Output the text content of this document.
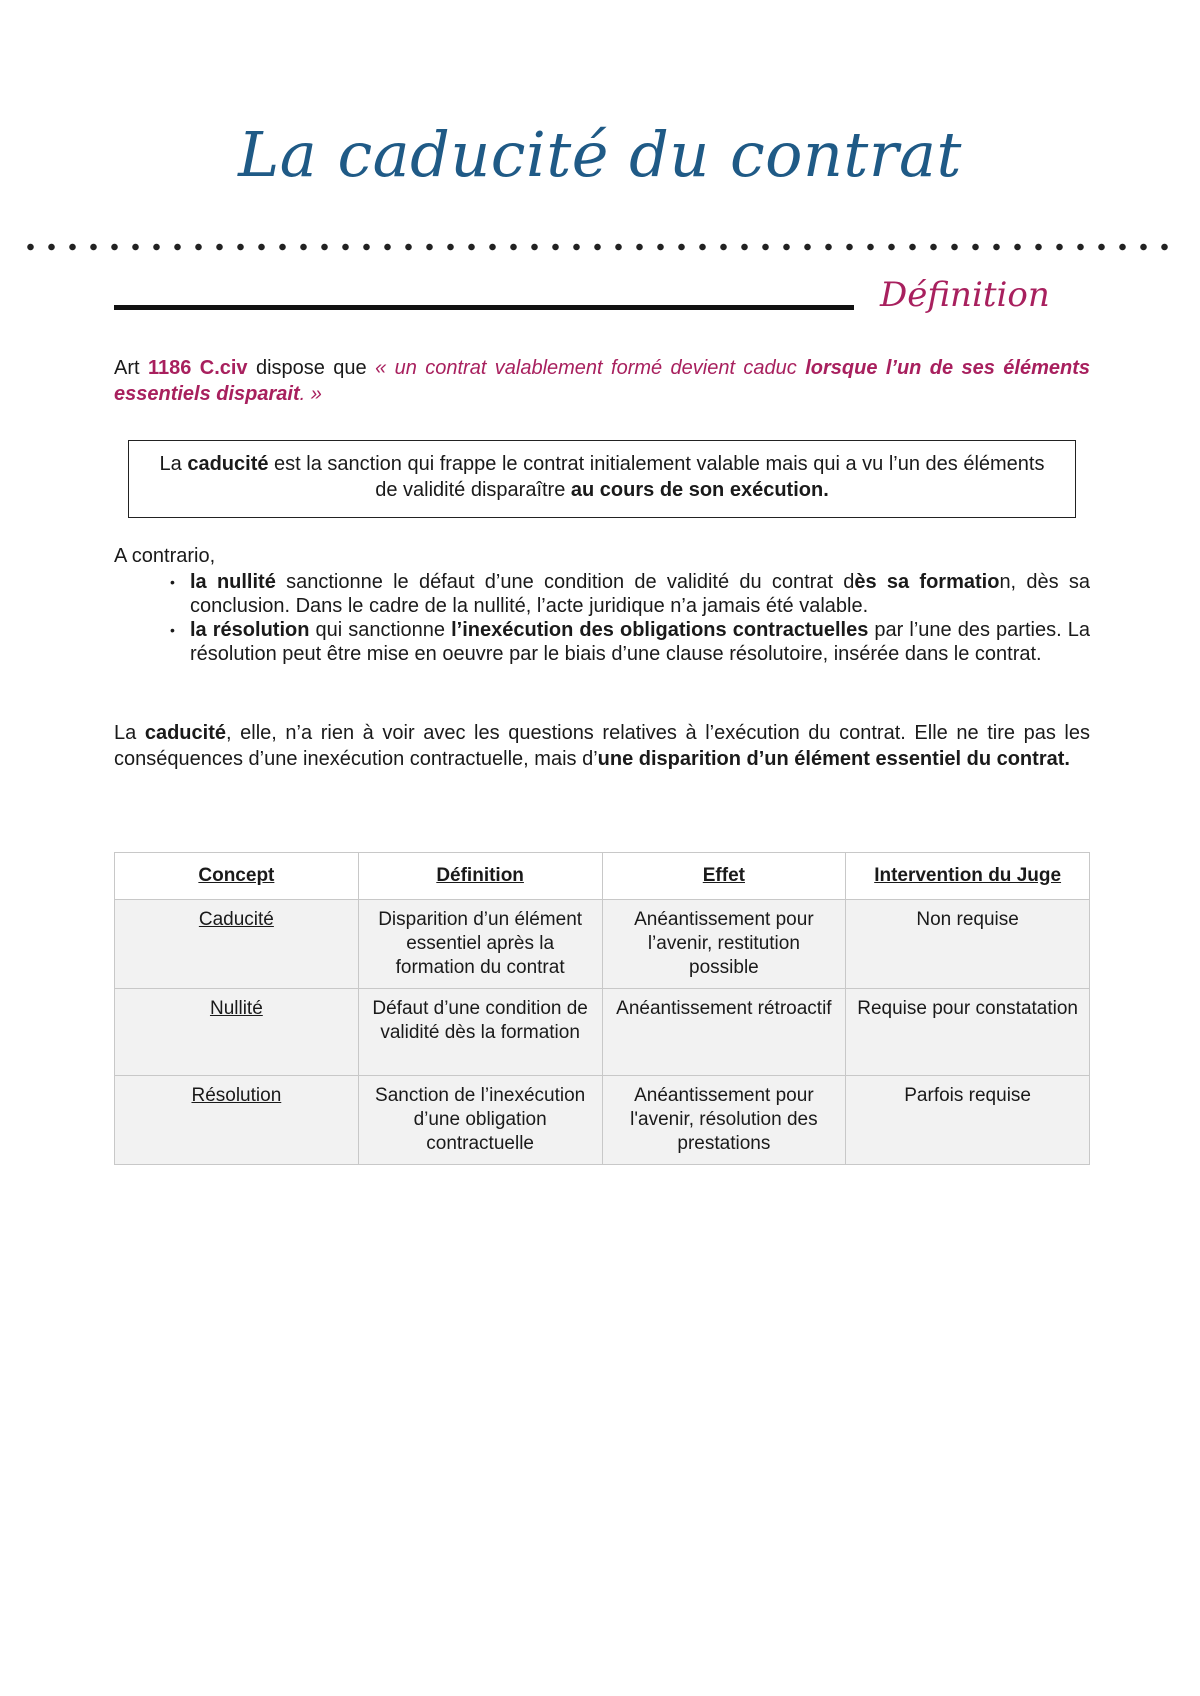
La caducité du contrat
Définition
Art 1186 C.civ dispose que « un contrat valablement formé devient caduc lorsque l’un de ses éléments essentiels disparait. »
La caducité est la sanction qui frappe le contrat initialement valable mais qui a vu l’un des éléments de validité disparaître au cours de son exécution.
A contrario,
• la nullité sanctionne le défaut d’une condition de validité du contrat dès sa formation, dès sa conclusion. Dans le cadre de la nullité, l’acte juridique n’a jamais été valable.
• la résolution qui sanctionne l’inexécution des obligations contractuelles par l’une des parties. La résolution peut être mise en oeuvre par le biais d’une clause résolutoire, insérée dans le contrat.
La caducité, elle, n’a rien à voir avec les questions relatives à l’exécution du contrat. Elle ne tire pas les conséquences d’une inexécution contractuelle, mais d’une disparition d’un élément essentiel du contrat.
Concept	Définition	Effet	Intervention du Juge
Caducité	Disparition d’un élément essentiel après la formation du contrat	Anéantissement pour l’avenir, restitution possible	Non requise
Nullité	Défaut d’une condition de validité dès la formation	Anéantissement rétroactif	Requise pour constatation
Résolution	Sanction de l’inexécution d’une obligation contractuelle	Anéantissement pour l'avenir, résolution des prestations	Parfois requise
